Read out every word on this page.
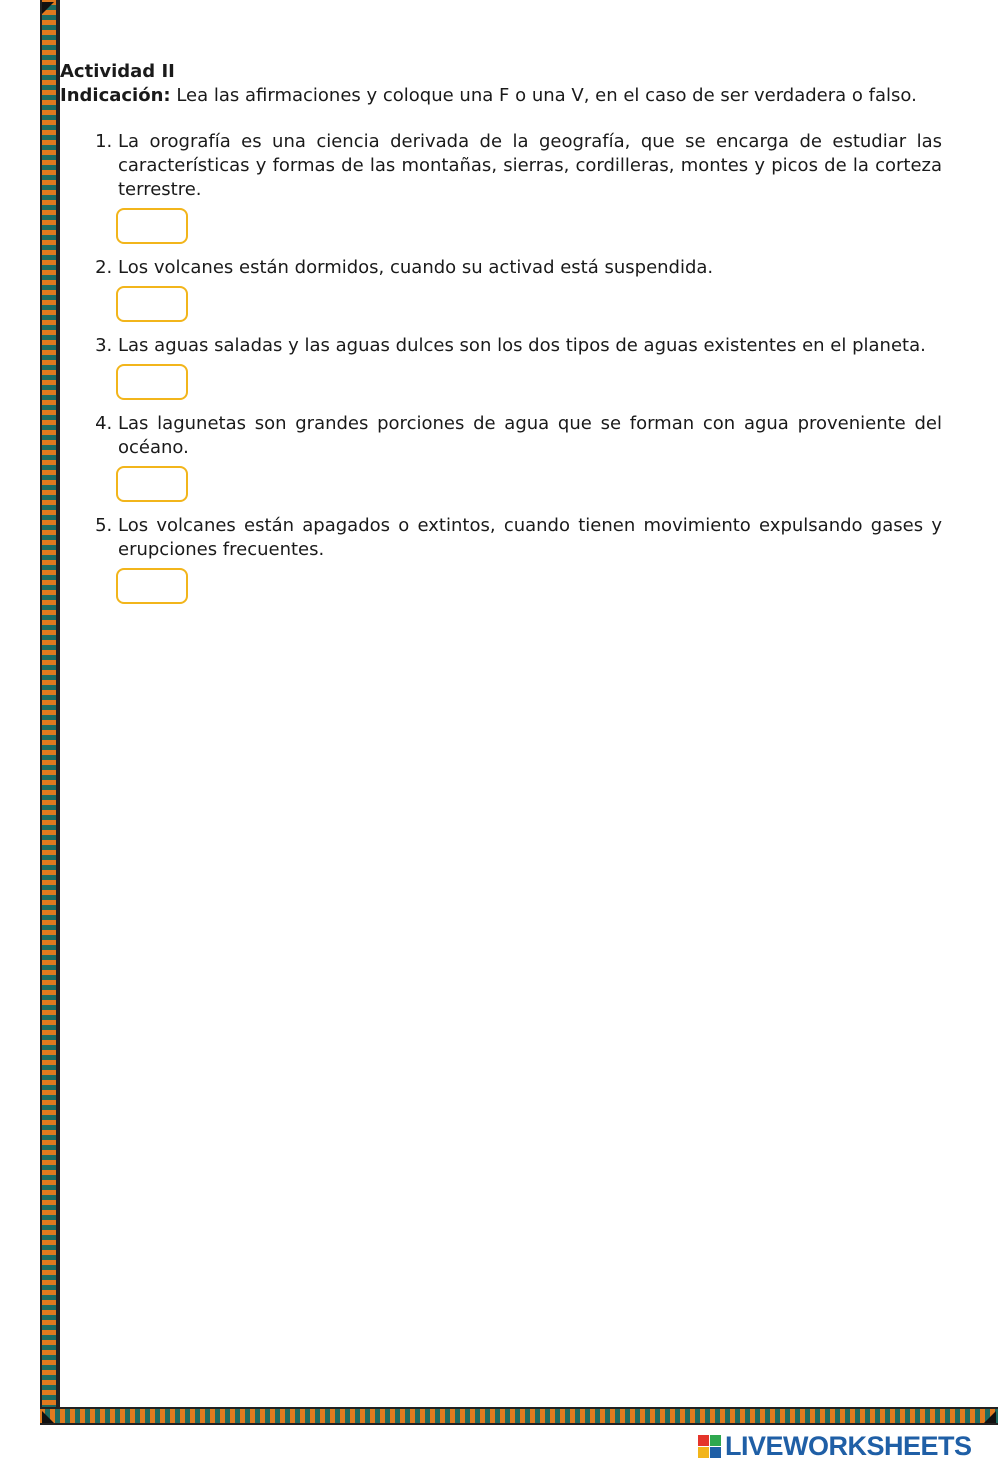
Actividad II
Indicación: Lea las afirmaciones y coloque una F o una V, en el caso de ser verdadera o falso.
1. La orografía es una ciencia derivada de la geografía, que se encarga de estudiar las características y formas de las montañas, sierras, cordilleras, montes y picos de la corteza terrestre.
2. Los volcanes están dormidos, cuando su activad está suspendida.
3. Las aguas saladas y las aguas dulces son los dos tipos de aguas existentes en el planeta.
4. Las lagunetas son grandes porciones de agua que se forman con agua proveniente del océano.
5. Los volcanes están apagados o extintos, cuando tienen movimiento expulsando gases y erupciones frecuentes.
LIVEWORKSHEETS
